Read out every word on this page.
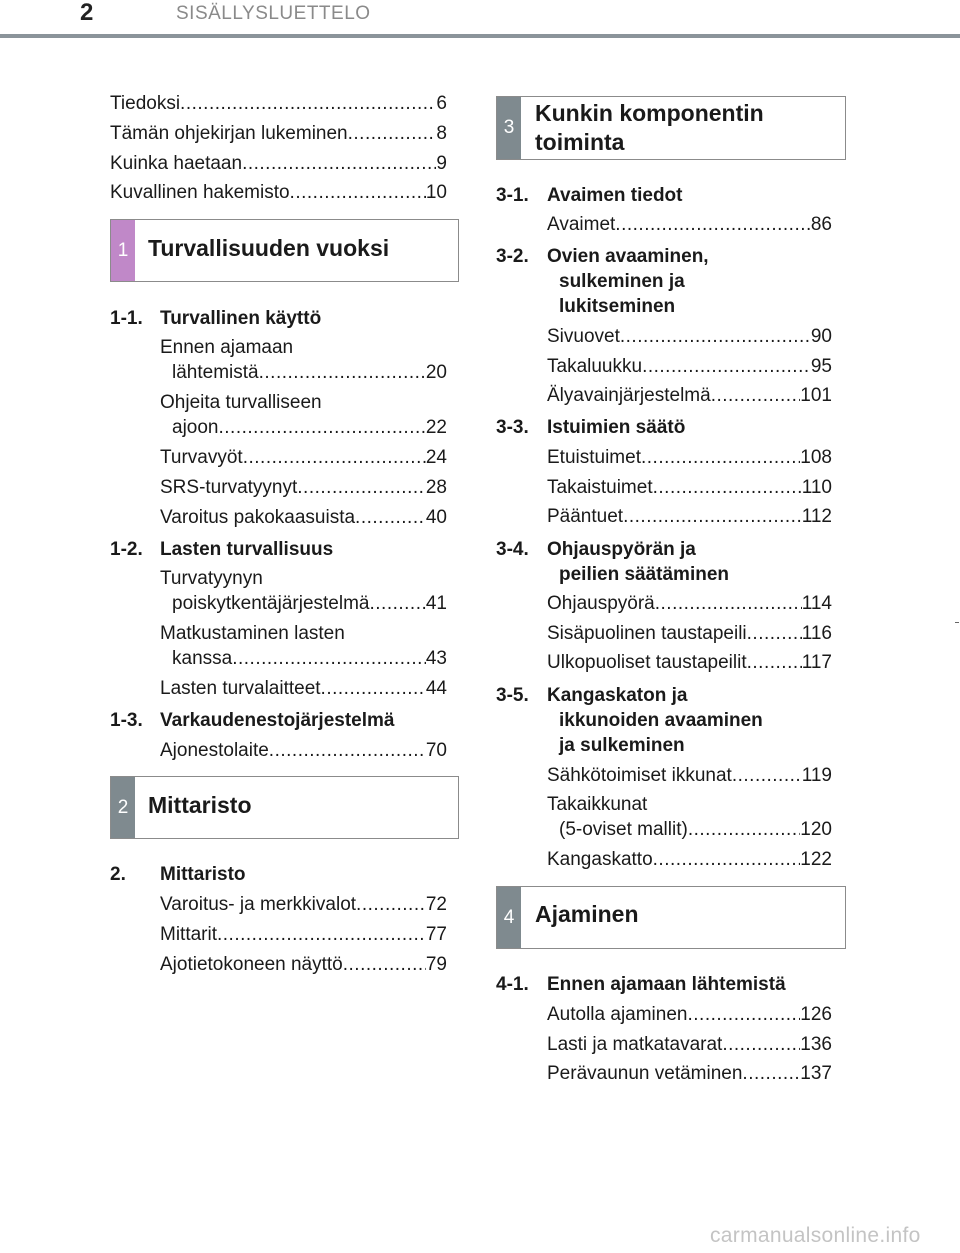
2	SISÄLLYSLUETTELO
Tiedoksi .....	6
Tämän ohjekirjan lukeminen .....	8
Kuinka haetaan .....	9
Kuvallinen hakemisto .....	10
1 Turvallisuuden vuoksi
1-1. Turvallinen käyttö
Ennen ajamaan
lähtemistä .....	20
Ohjeita turvalliseen
ajoon .....	22
Turvavyöt .....	24
SRS-turvatyynyt .....	28
Varoitus pakokaasuista .....	40
1-2. Lasten turvallisuus
Turvatyynyn
poiskytkentäjärjestelmä .....	41
Matkustaminen lasten
kanssa .....	43
Lasten turvalaitteet .....	44
1-3. Varkaudenestojärjestelmä
Ajonestolaite .....	70
2 Mittaristo
2. Mittaristo
Varoitus- ja merkkivalot .....	72
Mittarit .....	77
Ajotietokoneen näyttö .....	79
3
Kunkin komponentin
toiminta
3-1. Avaimen tiedot
Avaimet .....	86
3-2. Ovien avaaminen,
sulkeminen ja
lukitseminen
Sivuovet .....	90
Takaluukku .....	95
Älyavainjärjestelmä .....	101
3-3. Istuimien säätö
Etuistuimet .....	108
Takaistuimet .....	110
Pääntuet .....	112
3-4. Ohjauspyörän ja
peilien säätäminen
Ohjauspyörä .....	114
Sisäpuolinen taustapeili .....	116
Ulkopuoliset taustapeilit .....	117
3-5. Kangaskaton ja
ikkunoiden avaaminen
ja sulkeminen
Sähkötoimiset ikkunat .....	119
Takaikkunat
(5-oviset mallit) .....	120
Kangaskatto .....	122
4 Ajaminen
4-1. Ennen ajamaan lähtemistä
Autolla ajaminen .....	126
Lasti ja matkatavarat .....	136
Perävaunun vetäminen .....	137
carmanualsonline.info
